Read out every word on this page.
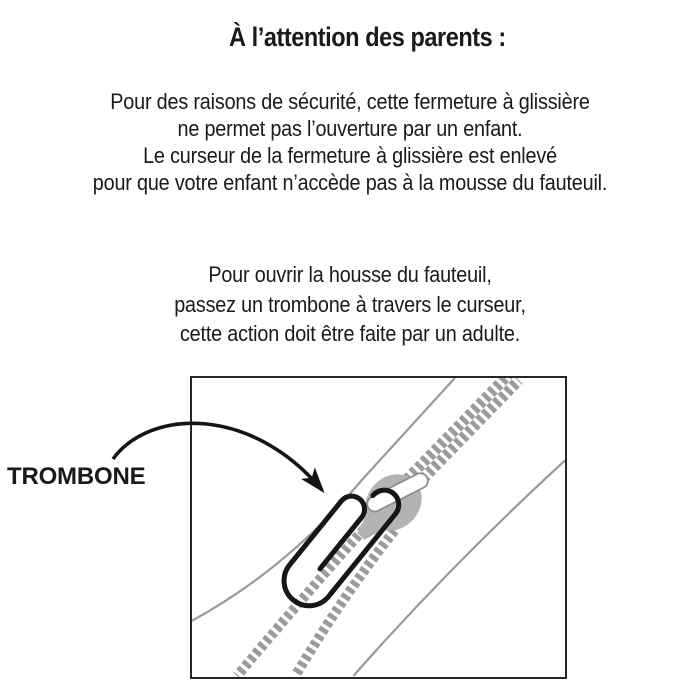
À l’attention des parents :
Pour des raisons de sécurité, cette fermeture à glissière
ne permet pas l’ouverture par un enfant.
Le curseur de la fermeture à glissière est enlevé
pour que votre enfant n’accède pas à la mousse du fauteuil.
Pour ouvrir la housse du fauteuil,
passez un trombone à travers le curseur,
cette action doit être faite par un adulte.
TROMBONE
